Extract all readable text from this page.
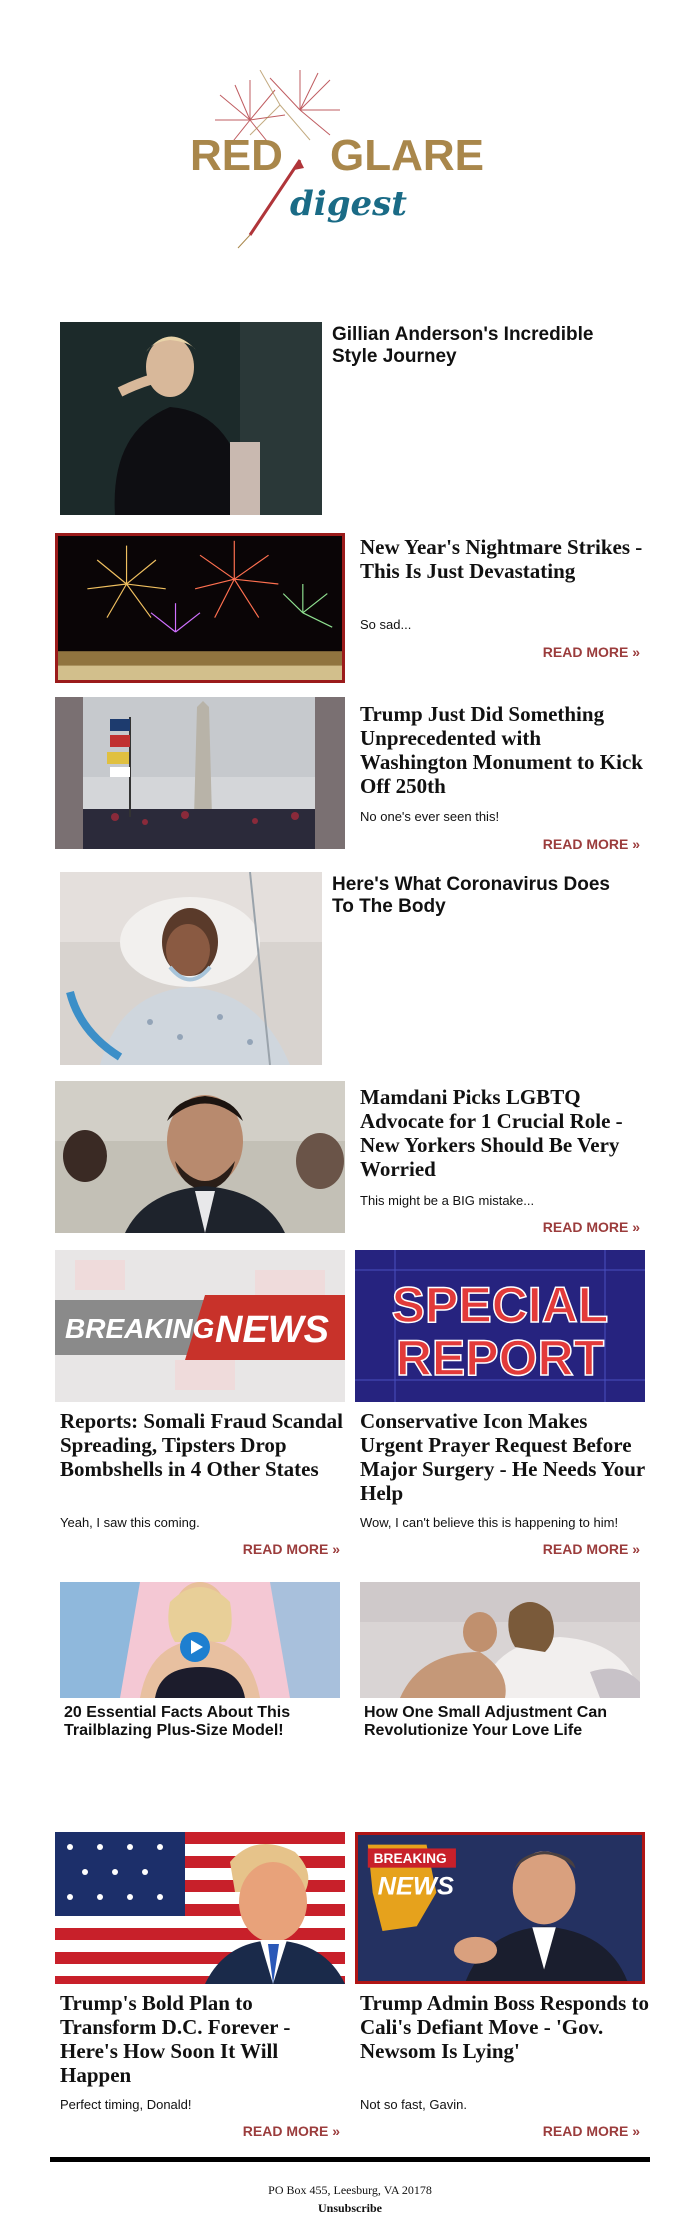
RED GLARE
digest
Gillian Anderson's Incredible Style Journey
New Year's Nightmare Strikes - This Is Just Devastating
So sad...
READ MORE »
Trump Just Did Something Unprecedented with Washington Monument to Kick Off 250th
No one's ever seen this!
READ MORE »
Here's What Coronavirus Does To The Body
Mamdani Picks LGBTQ Advocate for 1 Crucial Role - New Yorkers Should Be Very Worried
This might be a BIG mistake...
READ MORE »
BREAKING NEWS SPECIAL
REPORT
Reports: Somali Fraud Scandal Spreading, Tipsters Drop Bombshells in 4 Other States
Yeah, I saw this coming.
READ MORE »
Conservative Icon Makes Urgent Prayer Request Before Major Surgery - He Needs Your Help
Wow, I can't believe this is happening to him!
READ MORE »
20 Essential Facts About This Trailblazing Plus-Size Model!
How One Small Adjustment Can Revolutionize Your Love Life
BREAKING
NEWS
Trump's Bold Plan to Transform D.C. Forever - Here's How Soon It Will Happen
Perfect timing, Donald!
READ MORE »
Trump Admin Boss Responds to Cali's Defiant Move - 'Gov. Newsom Is Lying'
Not so fast, Gavin.
READ MORE »
PO Box 455, Leesburg, VA 20178
Unsubscribe
